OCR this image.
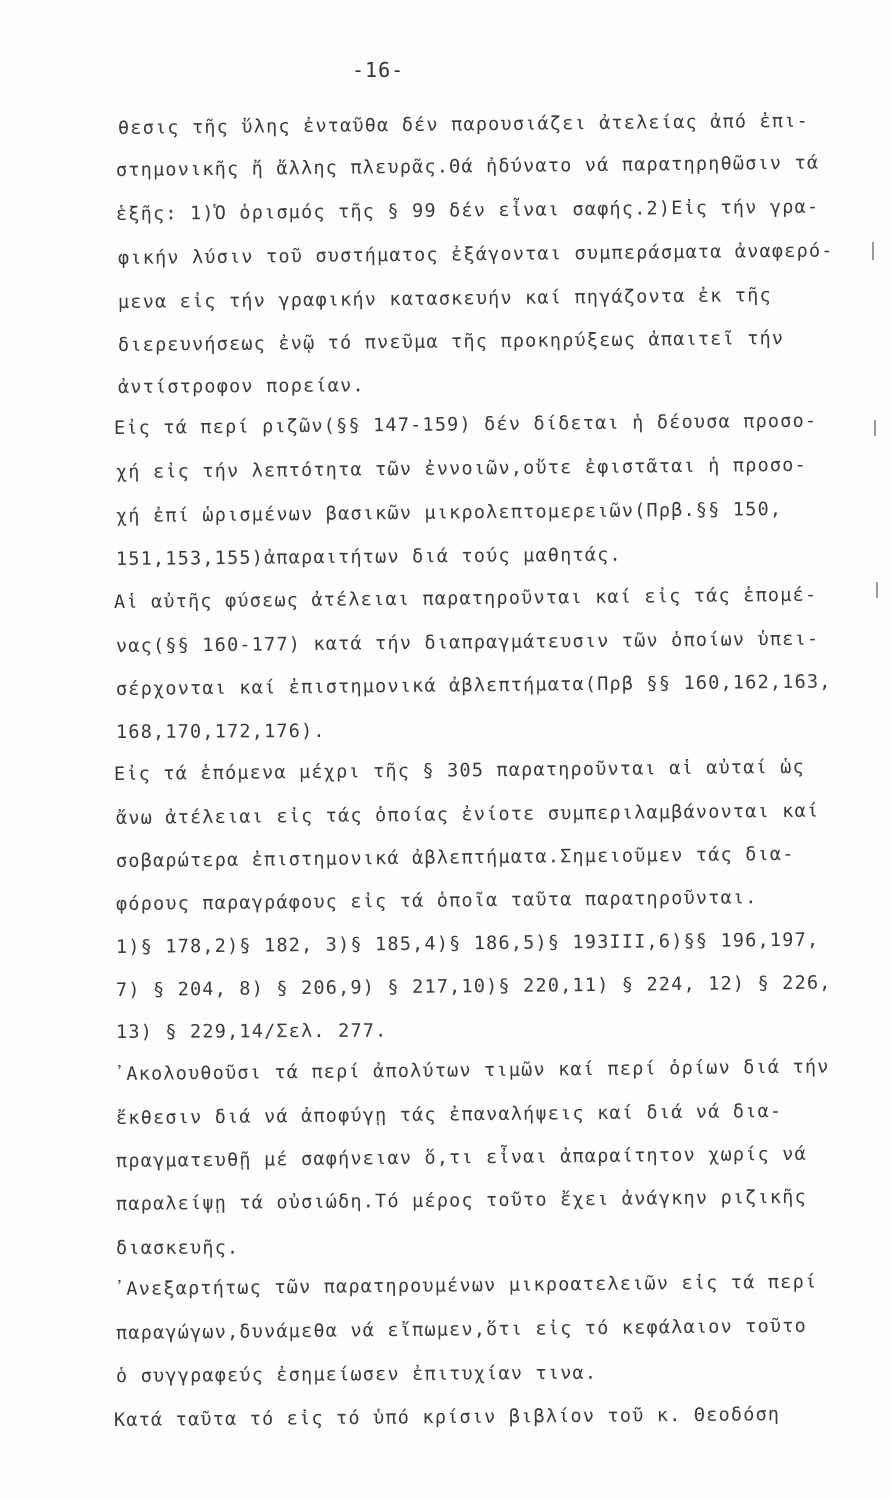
-16-
θεσις τῆς ὕλης ἐνταῦθα δέν παρουσιάζει ἀτελείας ἀπό ἐπι-
στημονικῆς ἤ ἄλλης πλευρᾶς.Θά ἠδύνατο νά παρατηρηθῶσιν τά
ἑξῆς: 1)Ὁ ὁρισμός τῆς § 99 δέν εἶναι σαφής.2)Εἰς τήν γρα-
φικήν λύσιν τοῦ συστήματος ἐξάγονται συμπεράσματα ἀναφερό-
μενα εἰς τήν γραφικήν κατασκευήν καί πηγάζοντα ἐκ τῆς
διερευνήσεως ἐνῷ τό πνεῦμα τῆς προκηρύξεως ἀπαιτεῖ τήν
ἀντίστροφον πορείαν.
Εἰς τά περί ριζῶν(§§ 147-159) δέν δίδεται ἡ δέουσα προσο-
χή εἰς τήν λεπτότητα τῶν ἐννοιῶν,οὔτε ἐφιστᾶται ἡ προσο-
χή ἐπί ὡρισμένων βασικῶν μικρολεπτομερειῶν(Πρβ.§§ 150,
151,153,155)ἀπαραιτήτων διά τούς μαθητάς.
Αἱ αὐτῆς φύσεως ἀτέλειαι παρατηροῦνται καί εἰς τάς ἑπομέ-
νας(§§ 160-177) κατά τήν διαπραγμάτευσιν τῶν ὁποίων ὑπει-
σέρχονται καί ἐπιστημονικά ἀβλεπτήματα(Πρβ §§ 160,162,163,
168,170,172,176).
Εἰς τά ἑπόμενα μέχρι τῆς § 305 παρατηροῦνται αἱ αὐταί ὡς
ἄνω ἀτέλειαι εἰς τάς ὁποίας ἐνίοτε συμπεριλαμβάνονται καί
σοβαρώτερα ἐπιστημονικά ἀβλεπτήματα.Σημειοῦμεν τάς δια-
φόρους παραγράφους εἰς τά ὁποῖα ταῦτα παρατηροῦνται.
1)§ 178,2)§ 182, 3)§ 185,4)§ 186,5)§ 193III,6)§§ 196,197,
7) § 204, 8) § 206,9) § 217,10)§ 220,11) § 224, 12) § 226,
13) § 229,14/Σελ. 277.
᾽Ακολουθοῦσι τά περί ἀπολύτων τιμῶν καί περί ὁρίων διά τήν
ἔκθεσιν διά νά ἀποφύγῃ τάς ἐπαναλήψεις καί διά νά δια-
πραγματευθῇ μέ σαφήνειαν ὅ,τι εἶναι ἀπαραίτητον χωρίς νά
παραλείψῃ τά οὐσιώδη.Τό μέρος τοῦτο ἔχει ἀνάγκην ριζικῆς
διασκευῆς.
᾽Ανεξαρτήτως τῶν παρατηρουμένων μικροατελειῶν εἰς τά περί
παραγώγων,δυνάμεθα νά εἴπωμεν,ὅτι εἰς τό κεφάλαιον τοῦτο
ὁ συγγραφεύς ἐσημείωσεν ἐπιτυχίαν τινα.
Κατά ταῦτα τό εἰς τό ὑπό κρίσιν βιβλίον τοῦ κ. Θεοδόση
